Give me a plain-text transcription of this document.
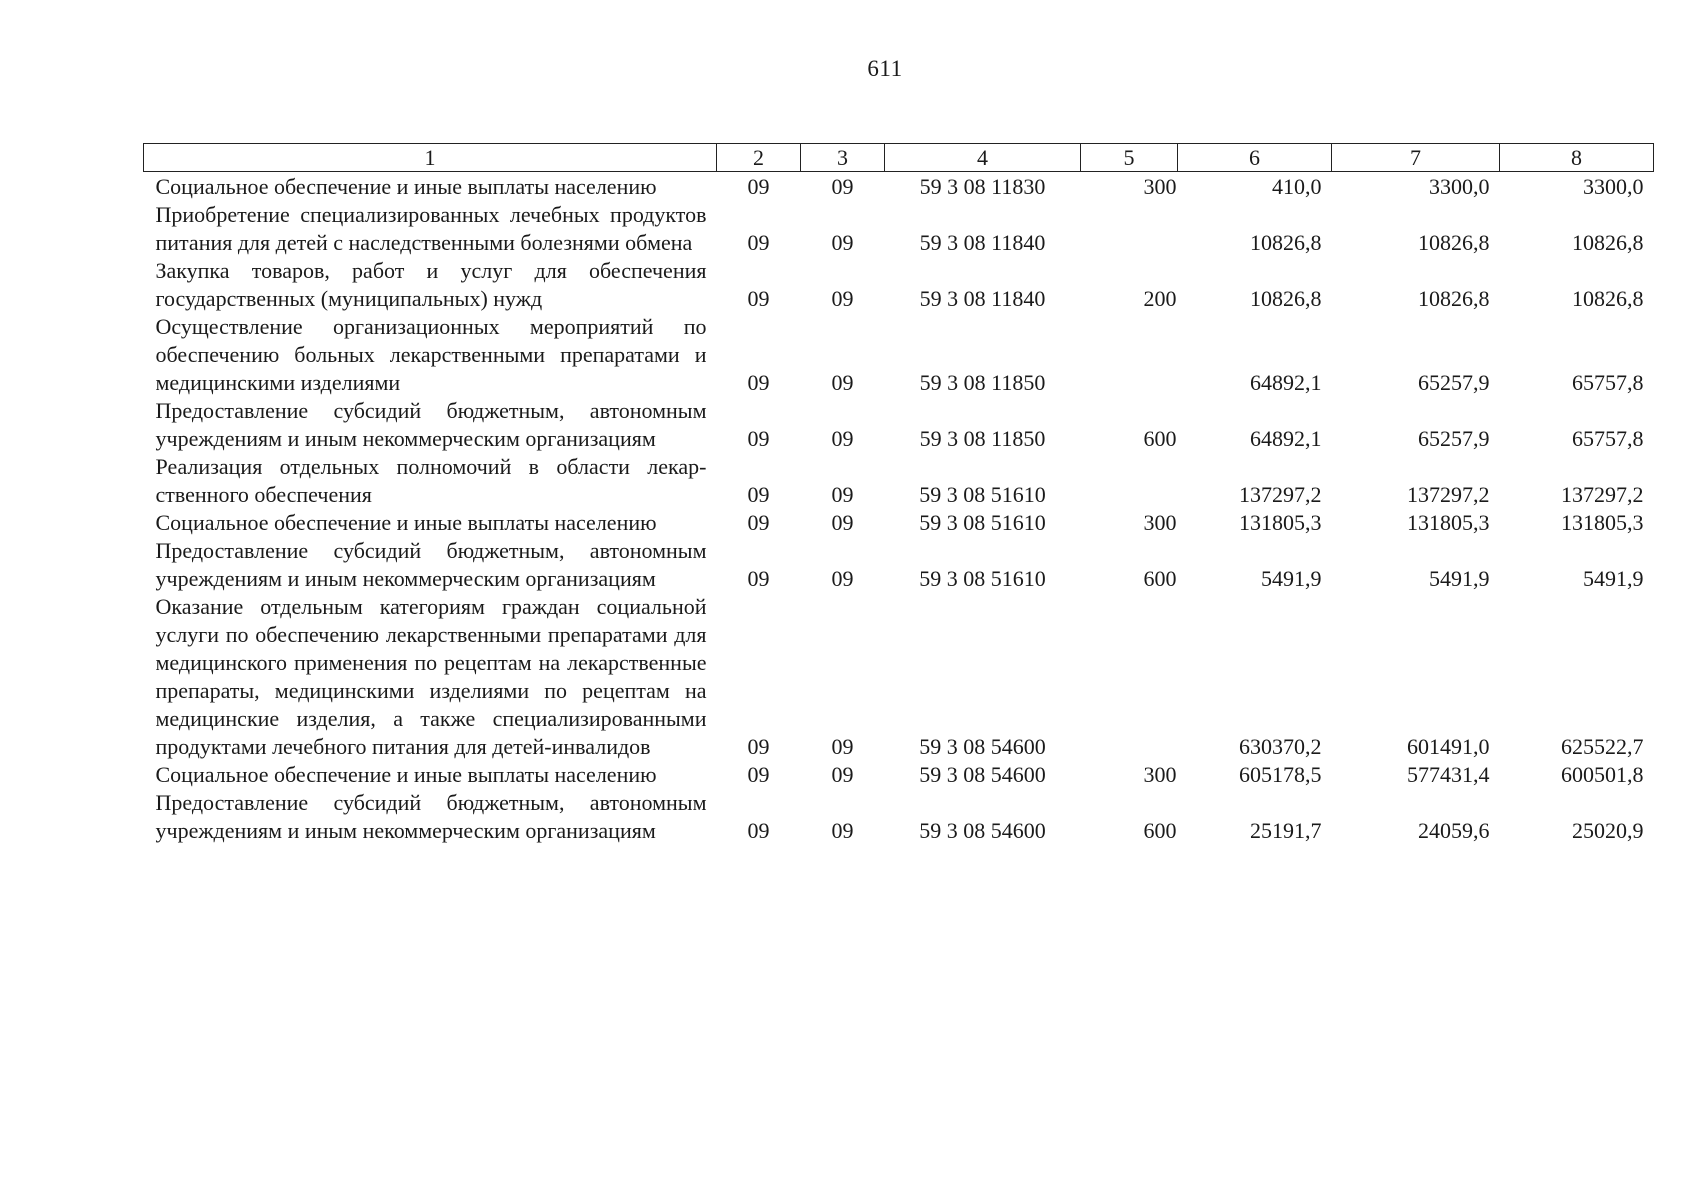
611
1	2	3	4	5	6	7	8
Социальное обеспечение и иные выплаты населению	09	09	59 3 08 11830	300	410,0	3300,0	3300,0
Приобретение специализированных лечебных продуктов питания для детей с наследственными болезнями обмена	09	09	59 3 08 11840		10826,8	10826,8	10826,8
Закупка товаров, работ и услуг для обеспечения государственных (муниципальных) нужд	09	09	59 3 08 11840	200	10826,8	10826,8	10826,8
Осуществление организационных мероприятий по обеспечению больных лекарственными препаратами и медицинскими изделиями	09	09	59 3 08 11850		64892,1	65257,9	65757,8
Предоставление субсидий бюджетным, автономным учреждениям и иным некоммерческим организациям	09	09	59 3 08 11850	600	64892,1	65257,9	65757,8
Реализация отдельных полномочий в области лекарственного обеспечения	09	09	59 3 08 51610		137297,2	137297,2	137297,2
Социальное обеспечение и иные выплаты населению	09	09	59 3 08 51610	300	131805,3	131805,3	131805,3
Предоставление субсидий бюджетным, автономным учреждениям и иным некоммерческим организациям	09	09	59 3 08 51610	600	5491,9	5491,9	5491,9
Оказание отдельным категориям граждан социальной услуги по обеспечению лекарственными препаратами для медицинского применения по рецептам на лекарственные препараты, медицинскими изделиями по рецептам на медицинские изделия, а также специализированными продуктами лечебного питания для детей-инвалидов	09	09	59 3 08 54600		630370,2	601491,0	625522,7
Социальное обеспечение и иные выплаты населению	09	09	59 3 08 54600	300	605178,5	577431,4	600501,8
Предоставление субсидий бюджетным, автономным учреждениям и иным некоммерческим организациям	09	09	59 3 08 54600	600	25191,7	24059,6	25020,9
